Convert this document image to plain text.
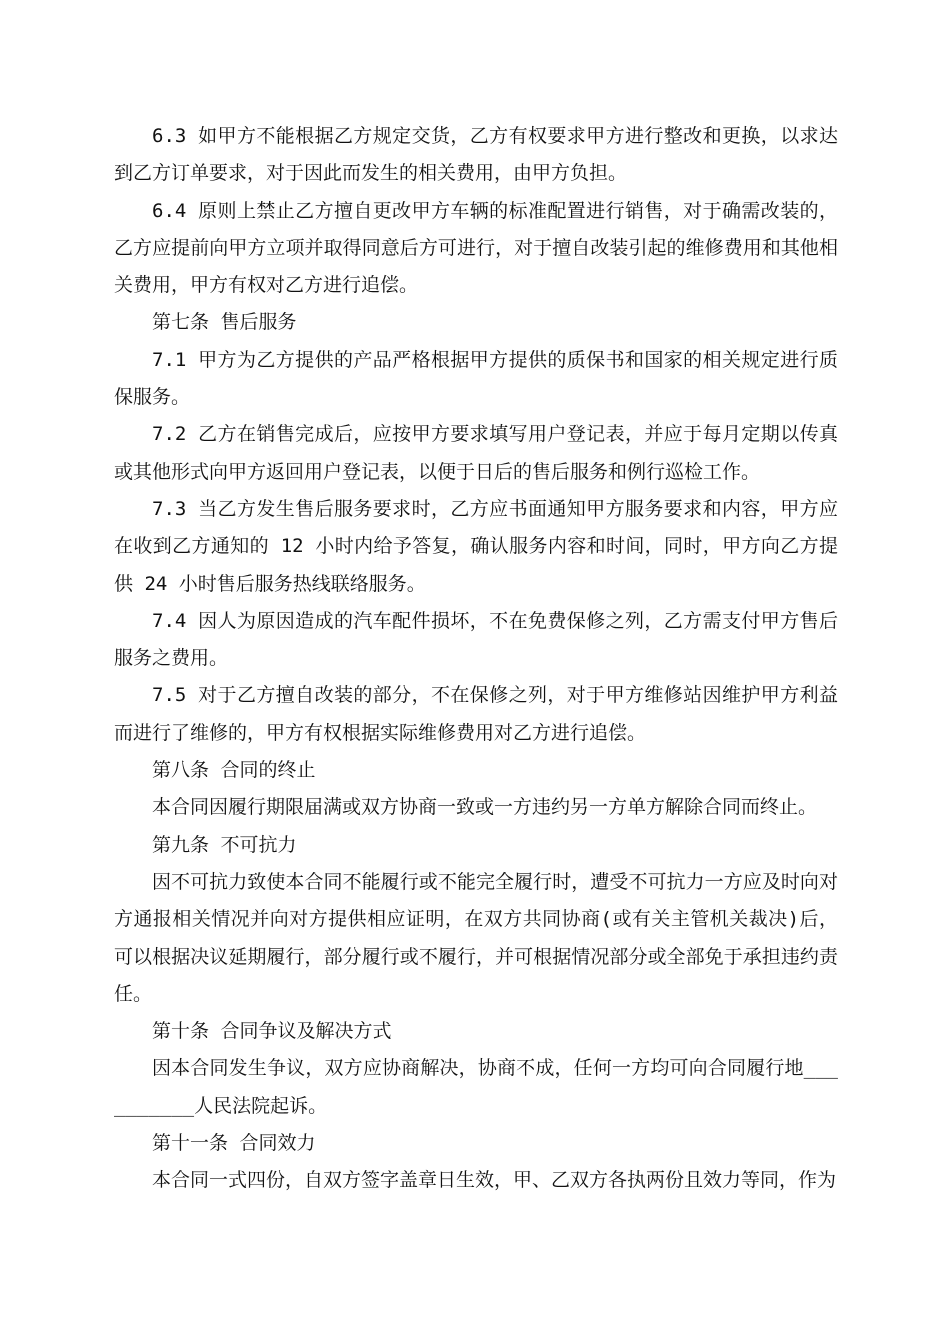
6.3 如甲方不能根据乙方规定交货，乙方有权要求甲方进行整改和更换，以求达到乙方订单要求，对于因此而发生的相关费用，由甲方负担。

6.4 原则上禁止乙方擅自更改甲方车辆的标准配置进行销售，对于确需改装的，乙方应提前向甲方立项并取得同意后方可进行，对于擅自改装引起的维修费用和其他相关费用，甲方有权对乙方进行追偿。

第七条 售后服务

7.1 甲方为乙方提供的产品严格根据甲方提供的质保书和国家的相关规定进行质保服务。

7.2 乙方在销售完成后，应按甲方要求填写用户登记表，并应于每月定期以传真或其他形式向甲方返回用户登记表，以便于日后的售后服务和例行巡检工作。

7.3 当乙方发生售后服务要求时，乙方应书面通知甲方服务要求和内容，甲方应在收到乙方通知的 12 小时内给予答复，确认服务内容和时间，同时，甲方向乙方提供 24 小时售后服务热线联络服务。

7.4 因人为原因造成的汽车配件损坏，不在免费保修之列，乙方需支付甲方售后服务之费用。

7.5 对于乙方擅自改装的部分，不在保修之列，对于甲方维修站因维护甲方利益而进行了维修的，甲方有权根据实际维修费用对乙方进行追偿。

第八条 合同的终止

本合同因履行期限届满或双方协商一致或一方违约另一方单方解除合同而终止。

第九条 不可抗力

因不可抗力致使本合同不能履行或不能完全履行时，遭受不可抗力一方应及时向对方通报相关情况并向对方提供相应证明，在双方共同协商(或有关主管机关裁决)后，可以根据决议延期履行，部分履行或不履行，并可根据情况部分或全部免于承担违约责任。

第十条 合同争议及解决方式

因本合同发生争议，双方应协商解决，协商不成，任何一方均可向合同履行地__________人民法院起诉。

第十一条 合同效力

本合同一式四份，自双方签字盖章日生效，甲、乙双方各执两份且效力等同，作为
